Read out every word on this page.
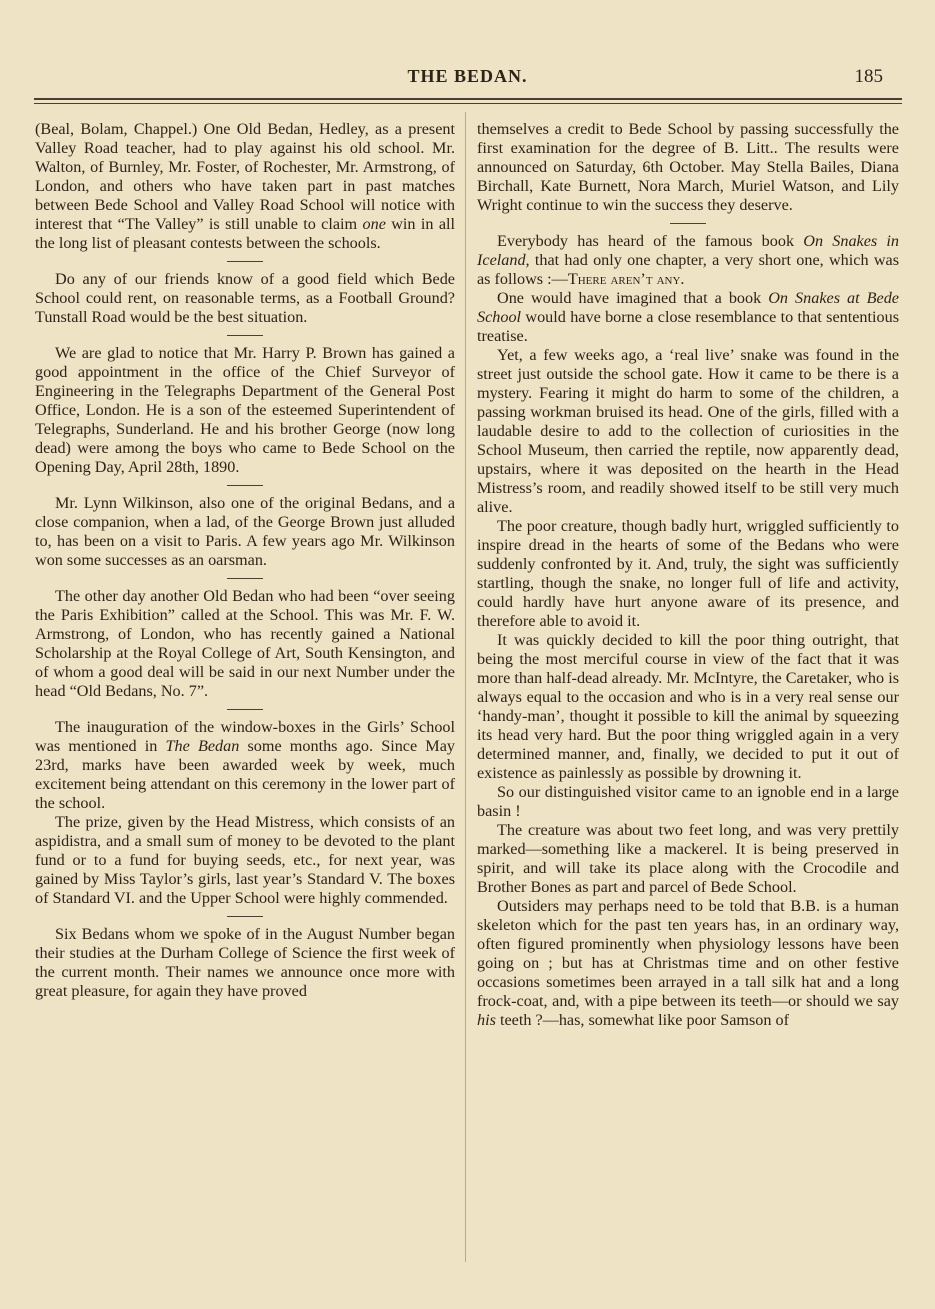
THE BEDAN.	185

(Beal, Bolam, Chappel.) One Old Bedan, Hedley, as a present Valley Road teacher, had to play against his old school. Mr. Walton, of Burnley, Mr. Foster, of Rochester, Mr. Armstrong, of London, and others who have taken part in past matches between Bede School and Valley Road School will notice with interest that “The Valley” is still unable to claim one win in all the long list of pleasant contests between the schools.

Do any of our friends know of a good field which Bede School could rent, on reasonable terms, as a Football Ground? Tunstall Road would be the best situation.

We are glad to notice that Mr. Harry P. Brown has gained a good appointment in the office of the Chief Surveyor of Engineering in the Telegraphs Department of the General Post Office, London. He is a son of the esteemed Superintendent of Telegraphs, Sunderland. He and his brother George (now long dead) were among the boys who came to Bede School on the Opening Day, April 28th, 1890.

Mr. Lynn Wilkinson, also one of the original Bedans, and a close companion, when a lad, of the George Brown just alluded to, has been on a visit to Paris. A few years ago Mr. Wilkinson won some successes as an oarsman.

The other day another Old Bedan who had been “over seeing the Paris Exhibition” called at the School. This was Mr. F. W. Armstrong, of London, who has recently gained a National Scholarship at the Royal College of Art, South Kensington, and of whom a good deal will be said in our next Number under the head “Old Bedans, No. 7”.

The inauguration of the window-boxes in the Girls’ School was mentioned in The Bedan some months ago. Since May 23rd, marks have been awarded week by week, much excitement being attendant on this ceremony in the lower part of the school.

The prize, given by the Head Mistress, which consists of an aspidistra, and a small sum of money to be devoted to the plant fund or to a fund for buying seeds, etc., for next year, was gained by Miss Taylor’s girls, last year’s Standard V. The boxes of Standard VI. and the Upper School were highly commended.

Six Bedans whom we spoke of in the August Number began their studies at the Durham College of Science the first week of the current month. Their names we announce once more with great pleasure, for again they have proved

themselves a credit to Bede School by passing successfully the first examination for the degree of B. Litt.. The results were announced on Saturday, 6th October. May Stella Bailes, Diana Birchall, Kate Burnett, Nora March, Muriel Watson, and Lily Wright continue to win the success they deserve.

Everybody has heard of the famous book On Snakes in Iceland, that had only one chapter, a very short one, which was as follows :—There aren’t any.

One would have imagined that a book On Snakes at Bede School would have borne a close resemblance to that sententious treatise.

Yet, a few weeks ago, a ‘real live’ snake was found in the street just outside the school gate. How it came to be there is a mystery. Fearing it might do harm to some of the children, a passing workman bruised its head. One of the girls, filled with a laudable desire to add to the collection of curiosities in the School Museum, then carried the reptile, now apparently dead, upstairs, where it was deposited on the hearth in the Head Mistress’s room, and readily showed itself to be still very much alive.

The poor creature, though badly hurt, wriggled sufficiently to inspire dread in the hearts of some of the Bedans who were suddenly confronted by it. And, truly, the sight was sufficiently startling, though the snake, no longer full of life and activity, could hardly have hurt anyone aware of its presence, and therefore able to avoid it.

It was quickly decided to kill the poor thing outright, that being the most merciful course in view of the fact that it was more than half-dead already. Mr. McIntyre, the Caretaker, who is always equal to the occasion and who is in a very real sense our ‘handy-man’, thought it possible to kill the animal by squeezing its head very hard. But the poor thing wriggled again in a very determined manner, and, finally, we decided to put it out of existence as painlessly as possible by drowning it.

So our distinguished visitor came to an ignoble end in a large basin !

The creature was about two feet long, and was very prettily marked—something like a mackerel. It is being preserved in spirit, and will take its place along with the Crocodile and Brother Bones as part and parcel of Bede School.

Outsiders may perhaps need to be told that B.B. is a human skeleton which for the past ten years has, in an ordinary way, often figured prominently when physiology lessons have been going on ; but has at Christmas time and on other festive occasions sometimes been arrayed in a tall silk hat and a long frock-coat, and, with a pipe between its teeth—or should we say his teeth ?—has, somewhat like poor Samson of
